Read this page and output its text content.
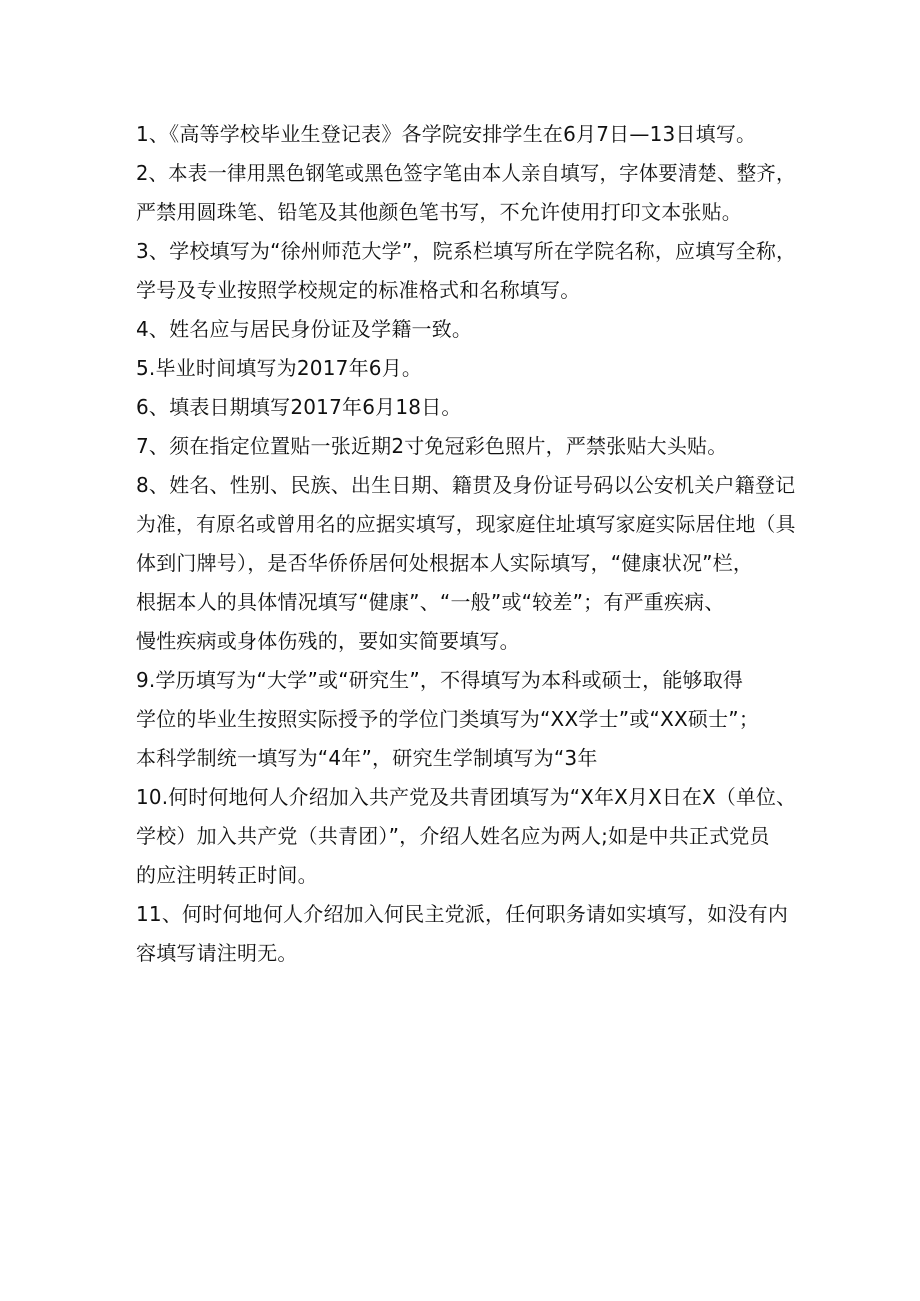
1、《高等学校毕业生登记表》各学院安排学生在6月7日—13日填写。
2、本表一律用黑色钢笔或黑色签字笔由本人亲自填写，字体要清楚、整齐，
严禁用圆珠笔、铅笔及其他颜色笔书写，不允许使用打印文本张贴。
3、学校填写为“徐州师范大学”，院系栏填写所在学院名称，应填写全称，
学号及专业按照学校规定的标准格式和名称填写。
4、姓名应与居民身份证及学籍一致。
5.毕业时间填写为2017年6月。
6、填表日期填写2017年6月18日。
7、须在指定位置贴一张近期2寸免冠彩色照片，严禁张贴大头贴。
8、姓名、性别、民族、出生日期、籍贯及身份证号码以公安机关户籍登记
为准，有原名或曾用名的应据实填写，现家庭住址填写家庭实际居住地（具
体到门牌号），是否华侨侨居何处根据本人实际填写，“健康状况”栏，
根据本人的具体情况填写“健康”、“一般”或“较差”；有严重疾病、
慢性疾病或身体伤残的，要如实简要填写。
9.学历填写为“大学”或“研究生”，不得填写为本科或硕士，能够取得
学位的毕业生按照实际授予的学位门类填写为“XX学士”或“XX硕士”；
本科学制统一填写为“4年”，研究生学制填写为“3年
10.何时何地何人介绍加入共产党及共青团填写为“X年X月X日在X（单位、
学校）加入共产党（共青团）”，介绍人姓名应为两人;如是中共正式党员
的应注明转正时间。
11、何时何地何人介绍加入何民主党派，任何职务请如实填写，如没有内
容填写请注明无。
